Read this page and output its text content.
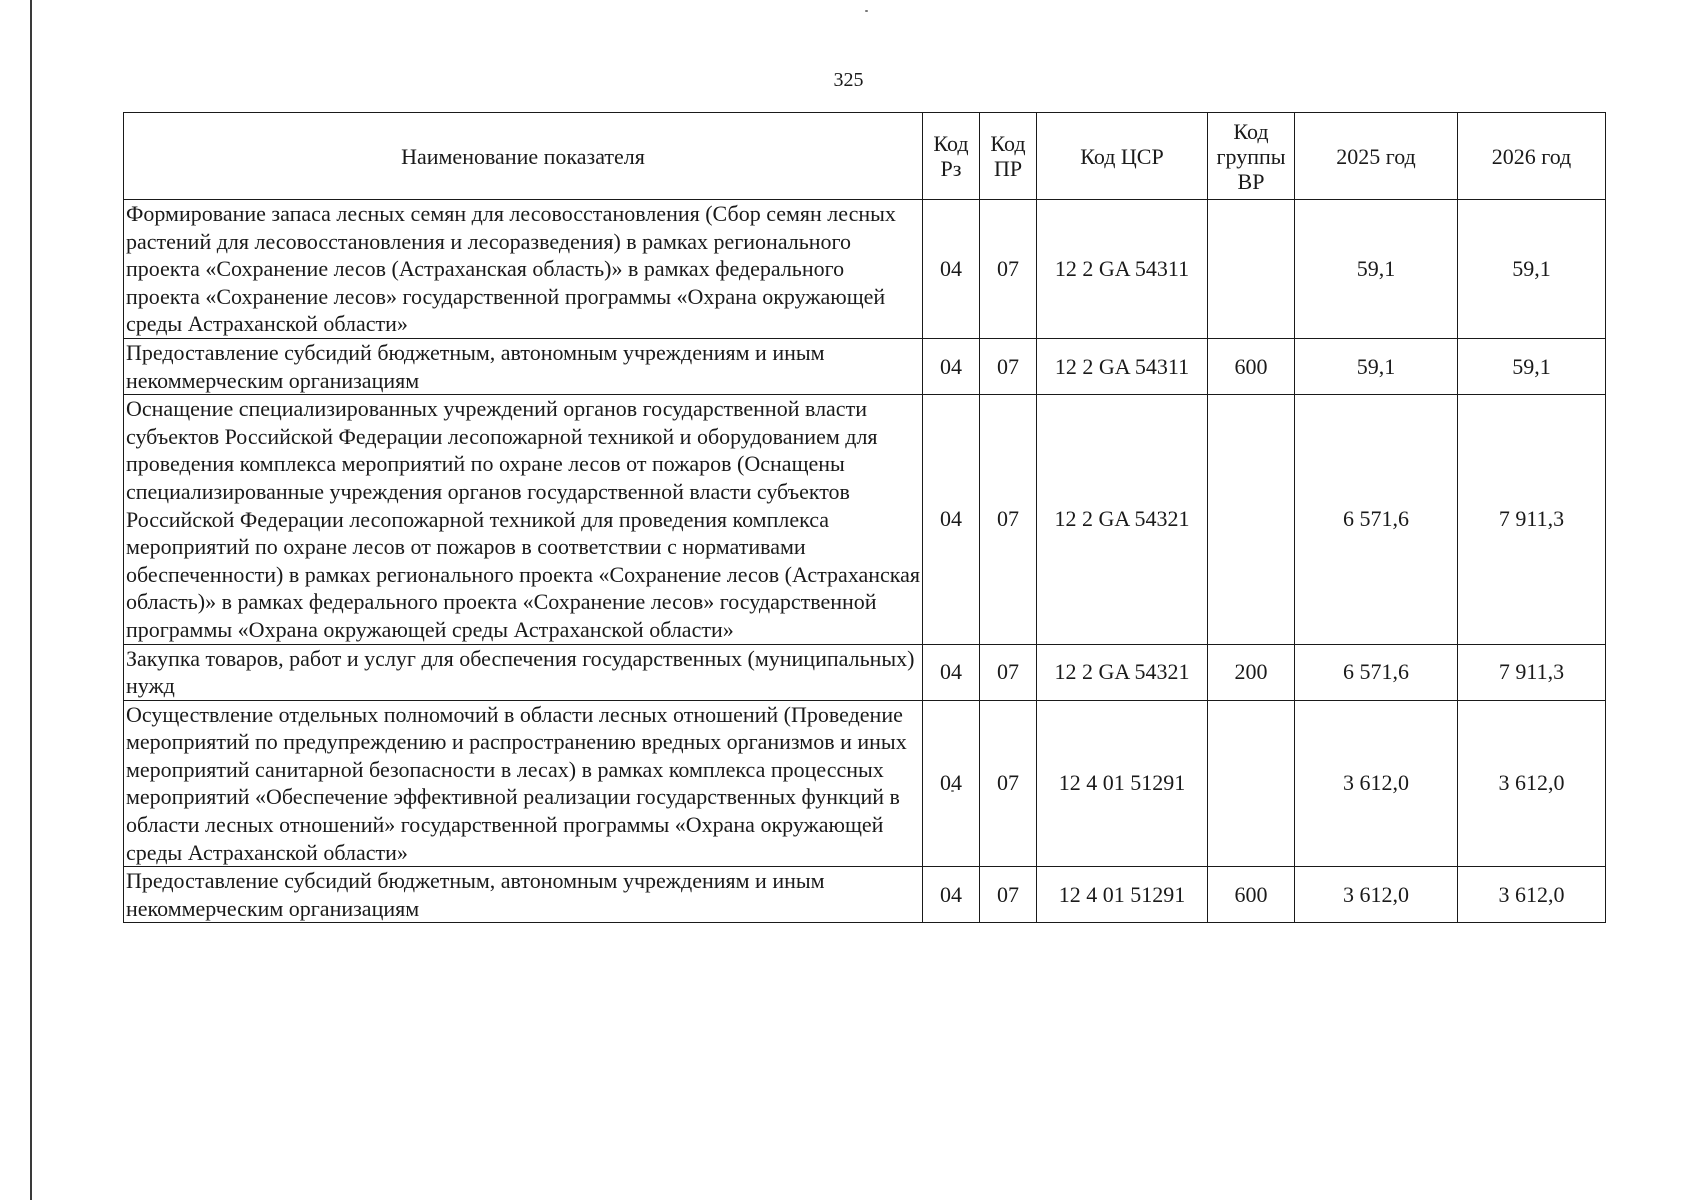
325
Наименование показателя	Код Рз	Код ПР	Код ЦСР	Код группы ВР	2025 год	2026 год
Формирование запаса лесных семян для лесовосстановления (Сбор семян лесных растений для лесовосстановления и лесоразведения) в рамках регионального проекта «Сохранение лесов (Астраханская область)» в рамках федерального проекта «Сохранение лесов» государственной программы «Охрана окружающей среды Астраханской области»	04	07	12 2 GA 54311		59,1	59,1
Предоставление субсидий бюджетным, автономным учреждениям и иным некоммерческим организациям	04	07	12 2 GA 54311	600	59,1	59,1
Оснащение специализированных учреждений органов государственной власти субъектов Российской Федерации лесопожарной техникой и оборудованием для проведения комплекса мероприятий по охране лесов от пожаров (Оснащены специализированные учреждения органов государственной власти субъектов Российской Федерации лесопожарной техникой для проведения комплекса мероприятий по охране лесов от пожаров в соответствии с нормативами обеспеченности) в рамках регионального проекта «Сохранение лесов (Астраханская область)» в рамках федерального проекта «Сохранение лесов» государственной программы «Охрана окружающей среды Астраханской области»	04	07	12 2 GA 54321		6 571,6	7 911,3
Закупка товаров, работ и услуг для обеспечения государственных (муниципальных) нужд	04	07	12 2 GA 54321	200	6 571,6	7 911,3
Осуществление отдельных полномочий в области лесных отношений (Проведение мероприятий по предупреждению и распространению вредных организмов и иных мероприятий санитарной безопасности в лесах) в рамках комплекса процессных мероприятий «Обеспечение эффективной реализации государственных функций в области лесных отношений» государственной программы «Охрана окружающей среды Астраханской области»	04	07	12 4 01 51291		3 612,0	3 612,0
Предоставление субсидий бюджетным, автономным учреждениям и иным некоммерческим организациям	04	07	12 4 01 51291	600	3 612,0	3 612,0
